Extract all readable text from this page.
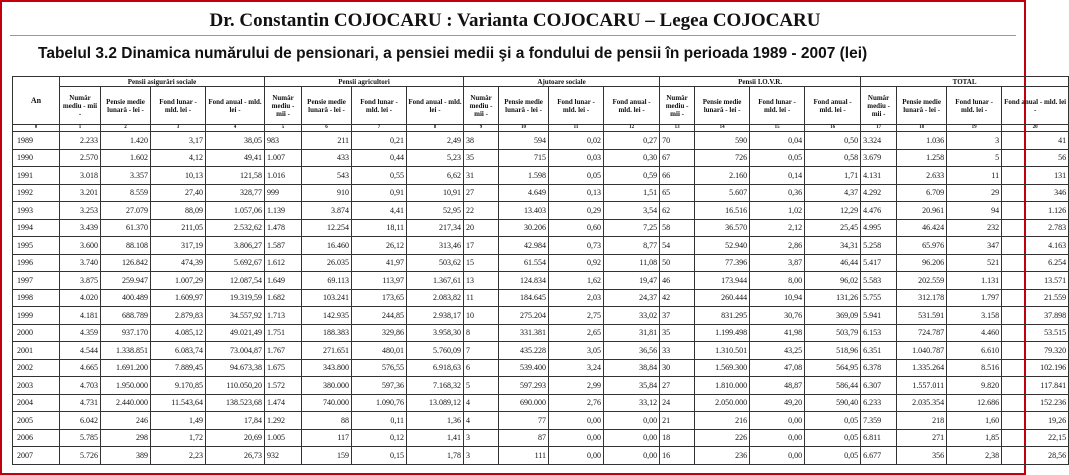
Dr. Constantin COJOCARU : Varianta COJOCARU – Legea COJOCARU
Tabelul 3.2 Dinamica numărului de pensionari, a pensiei medii şi a fondului de pensii în perioada 1989 - 2007 (lei)
An	Pensii asigurări sociale				Pensii agricultori				Ajutoare sociale				Pensii I.O.V.R.				TOTAL			
	Număr mediu - mii -	Pensie medie lunară - lei -	Fond lunar - mld. lei -	Fond anual - mld. lei -	Număr mediu - mii -	Pensie medie lunară - lei -	Fond lunar - mld. lei -	Fond anual - mld. lei -	Număr mediu - mii -	Pensie medie lunară - lei -	Fond lunar - mld. lei -	Fond anual - mld. lei -	Număr mediu - mii -	Pensie medie lunară - lei -	Fond lunar - mld. lei -	Fond anual - mld. lei -	Număr mediu - mii -	Pensie medie lunară - lei -	Fond lunar - mld. lei -	Fond anual - mld. lei -
0	1	2	3	4	5	6	7	8	9	10	11	12	13	14	15	16	17	18	19	20
1989	2.233	1.420	3,17	38,05	983	211	0,21	2,49	38	594	0,02	0,27	70	590	0,04	0,50	3.324	1.036	3	41
1990	2.570	1.602	4,12	49,41	1.007	433	0,44	5,23	35	715	0,03	0,30	67	726	0,05	0,58	3.679	1.258	5	56
1991	3.018	3.357	10,13	121,58	1.016	543	0,55	6,62	31	1.598	0,05	0,59	66	2.160	0,14	1,71	4.131	2.633	11	131
1992	3.201	8.559	27,40	328,77	999	910	0,91	10,91	27	4.649	0,13	1,51	65	5.607	0,36	4,37	4.292	6.709	29	346
1993	3.253	27.079	88,09	1.057,06	1.139	3.874	4,41	52,95	22	13.403	0,29	3,54	62	16.516	1,02	12,29	4.476	20.961	94	1.126
1994	3.439	61.370	211,05	2.532,62	1.478	12.254	18,11	217,34	20	30.206	0,60	7,25	58	36.570	2,12	25,45	4.995	46.424	232	2.783
1995	3.600	88.108	317,19	3.806,27	1.587	16.460	26,12	313,46	17	42.984	0,73	8,77	54	52.940	2,86	34,31	5.258	65.976	347	4.163
1996	3.740	126.842	474,39	5.692,67	1.612	26.035	41,97	503,62	15	61.554	0,92	11,08	50	77.396	3,87	46,44	5.417	96.206	521	6.254
1997	3.875	259.947	1.007,29	12.087,54	1.649	69.113	113,97	1.367,61	13	124.834	1,62	19,47	46	173.944	8,00	96,02	5.583	202.559	1.131	13.571
1998	4.020	400.489	1.609,97	19.319,59	1.682	103.241	173,65	2.083,82	11	184.645	2,03	24,37	42	260.444	10,94	131,26	5.755	312.178	1.797	21.559
1999	4.181	688.789	2.879,83	34.557,92	1.713	142.935	244,85	2.938,17	10	275.204	2,75	33,02	37	831.295	30,76	369,09	5.941	531.591	3.158	37.898
2000	4.359	937.170	4.085,12	49.021,49	1.751	188.383	329,86	3.958,30	8	331.381	2,65	31,81	35	1.199.498	41,98	503,79	6.153	724.787	4.460	53.515
2001	4.544	1.338.851	6.083,74	73.004,87	1.767	271.651	480,01	5.760,09	7	435.228	3,05	36,56	33	1.310.501	43,25	518,96	6.351	1.040.787	6.610	79.320
2002	4.665	1.691.200	7.889,45	94.673,38	1.675	343.800	576,55	6.918,63	6	539.400	3,24	38,84	30	1.569.300	47,08	564,95	6.378	1.335.264	8.516	102.196
2003	4.703	1.950.000	9.170,85	110.050,20	1.572	380.000	597,36	7.168,32	5	597.293	2,99	35,84	27	1.810.000	48,87	586,44	6.307	1.557.011	9.820	117.841
2004	4.731	2.440.000	11.543,64	138.523,68	1.474	740.000	1.090,76	13.089,12	4	690.000	2,76	33,12	24	2.050.000	49,20	590,40	6.233	2.035.354	12.686	152.236
2005	6.042	246	1,49	17,84	1.292	88	0,11	1,36	4	77	0,00	0,00	21	216	0,00	0,05	7.359	218	1,60	19,26
2006	5.785	298	1,72	20,69	1.005	117	0,12	1,41	3	87	0,00	0,00	18	226	0,00	0,05	6.811	271	1,85	22,15
2007	5.726	389	2,23	26,73	932	159	0,15	1,78	3	111	0,00	0,00	16	236	0,00	0,05	6.677	356	2,38	28,56
